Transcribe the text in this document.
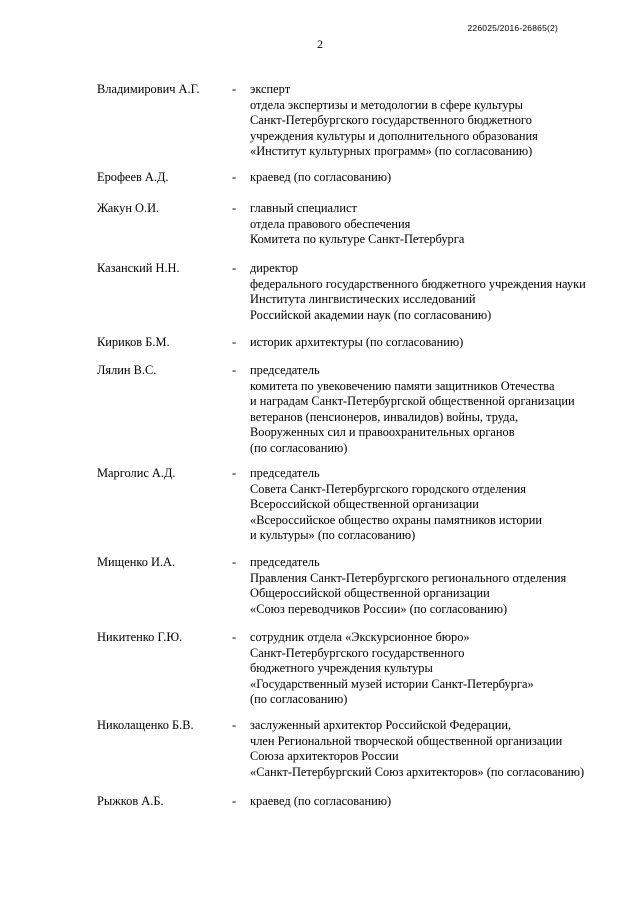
226025/2016-26865(2)
2
Владимирович А.Г.	- эксперт
отдела экспертизы и методологии в сфере культуры
Санкт-Петербургского государственного бюджетного
учреждения культуры и дополнительного образования
«Институт культурных программ» (по согласованию)
Ерофеев А.Д.	- краевед (по согласованию)
Жакун О.И.	- главный специалист
отдела правового обеспечения
Комитета по культуре Санкт-Петербурга
Казанский Н.Н.	- директор
федерального государственного бюджетного учреждения науки
Института лингвистических исследований
Российской академии наук (по согласованию)
Кириков Б.М.	- историк архитектуры (по согласованию)
Лялин В.С.	- председатель
комитета по увековечению памяти защитников Отечества
и наградам Санкт-Петербургской общественной организации
ветеранов (пенсионеров, инвалидов) войны, труда,
Вооруженных сил и правоохранительных органов
(по согласованию)
Марголис А.Д.	- председатель
Совета Санкт-Петербургского городского отделения
Всероссийской общественной организации
«Всероссийское общество охраны памятников истории
и культуры» (по согласованию)
Мищенко И.А.	- председатель
Правления Санкт-Петербургского регионального отделения
Общероссийской общественной организации
«Союз переводчиков России» (по согласованию)
Никитенко Г.Ю.	- сотрудник отдела «Экскурсионное бюро»
Санкт-Петербургского государственного
бюджетного учреждения культуры
«Государственный музей истории Санкт-Петербурга»
(по согласованию)
Николащенко Б.В.	- заслуженный архитектор Российской Федерации,
член Региональной творческой общественной организации
Союза архитекторов России
«Санкт-Петербургский Союз архитекторов» (по согласованию)
Рыжков А.Б.	- краевед (по согласованию)
